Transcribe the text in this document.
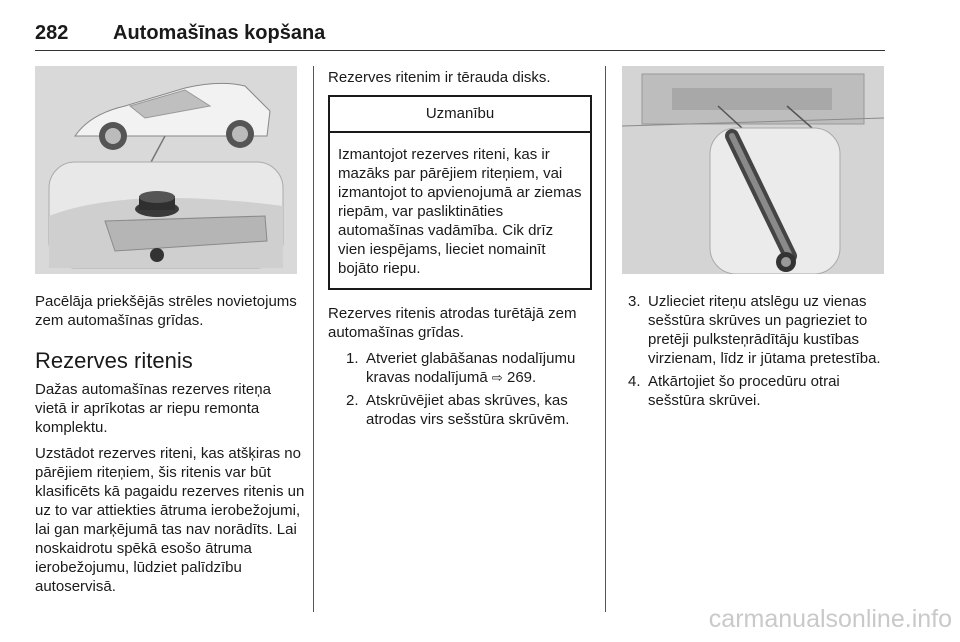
282 Automašīnas kopšana

Pacēlāja priekšējās strēles novietojums zem automašīnas grīdas.

Rezerves ritenis

Dažas automašīnas rezerves riteņa vietā ir aprīkotas ar riepu remonta komplektu.

Uzstādot rezerves riteni, kas atšķiras no pārējiem riteņiem, šis ritenis var būt klasificēts kā pagaidu rezerves ritenis un uz to var attiekties ātruma ierobežojumi, lai gan marķējumā tas nav norādīts. Lai noskaidrotu spēkā esošo ātruma ierobežojumu, lūdziet palīdzību autoservisā.

Rezerves ritenim ir tērauda disks.

Uzmanību
Izmantojot rezerves riteni, kas ir mazāks par pārējiem riteņiem, vai izmantojot to apvienojumā ar ziemas riepām, var pasliktināties automašīnas vadāmība. Cik drīz vien iespējams, lieciet nomainīt bojāto riepu.

Rezerves ritenis atrodas turētājā zem automašīnas grīdas.

1. Atveriet glabāšanas nodalījumu kravas nodalījumā ⇨ 269.
2. Atskrūvējiet abas skrūves, kas atrodas virs sešstūra skrūvēm.
3. Uzlieciet riteņu atslēgu uz vienas sešstūra skrūves un pagrieziet to pretēji pulksteņrādītāju kustības virzienam, līdz ir jūtama pretestība.
4. Atkārtojiet šo procedūru otrai sešstūra skrūvei.
carmanualsonline.info
